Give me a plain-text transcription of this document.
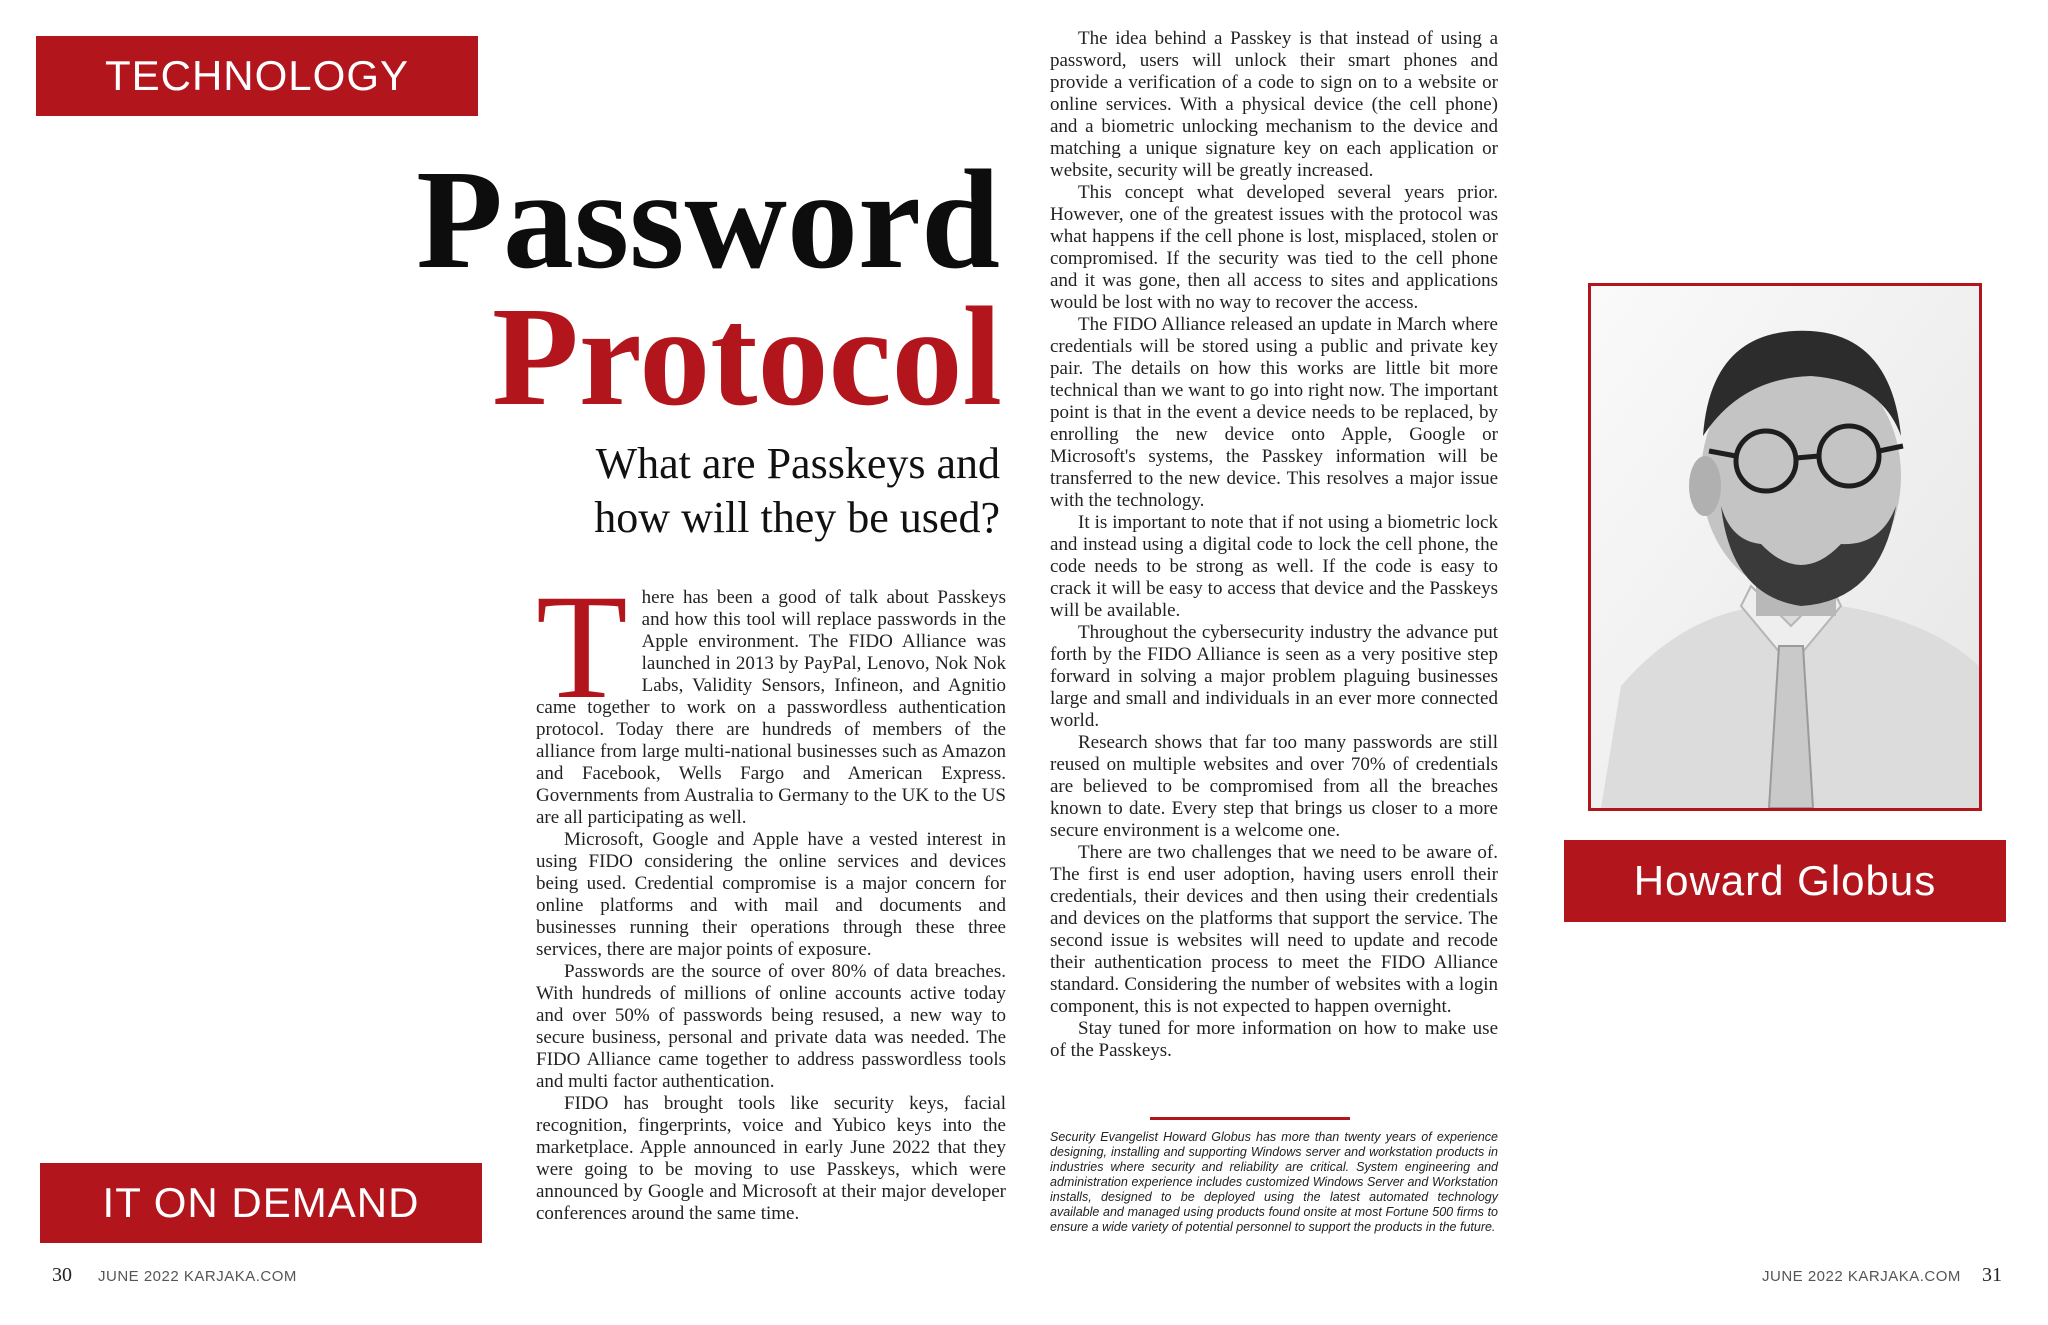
TECHNOLOGY
Password
Protocol
What are Passkeys and how will they be used?
T here has been a good of talk about Passkeys and how this tool will replace passwords in the Apple environment. The FIDO Alliance was launched in 2013 by PayPal, Lenovo, Nok Nok Labs, Validity Sensors, Infineon, and Agnitio came together to work on a passwordless authentication protocol. Today there are hundreds of members of the alliance from large multi-national businesses such as Amazon and Facebook, Wells Fargo and American Express. Governments from Australia to Germany to the UK to the US are all participating as well.

Microsoft, Google and Apple have a vested interest in using FIDO considering the online services and devices being used. Credential compromise is a major concern for online platforms and with mail and documents and businesses running their operations through these three services, there are major points of exposure.

Passwords are the source of over 80% of data breaches. With hundreds of millions of online accounts active today and over 50% of passwords being resused, a new way to secure business, personal and private data was needed. The FIDO Alliance came together to address passwordless tools and multi factor authentication.

FIDO has brought tools like security keys, facial recognition, fingerprints, voice and Yubico keys into the marketplace. Apple announced in early June 2022 that they were going to be moving to use Passkeys, which were announced by Google and Microsoft at their major developer conferences around the same time.

IT ON DEMAND

The idea behind a Passkey is that instead of using a password, users will unlock their smart phones and provide a verification of a code to sign on to a website or online services. With a physical device (the cell phone) and a biometric unlocking mechanism to the device and matching a unique signature key on each application or website, security will be greatly increased.

This concept what developed several years prior. However, one of the greatest issues with the protocol was what happens if the cell phone is lost, misplaced, stolen or compromised. If the security was tied to the cell phone and it was gone, then all access to sites and applications would be lost with no way to recover the access.

The FIDO Alliance released an update in March where credentials will be stored using a public and private key pair. The details on how this works are little bit more technical than we want to go into right now. The important point is that in the event a device needs to be replaced, by enrolling the new device onto Apple, Google or Microsoft's systems, the Passkey information will be transferred to the new device. This resolves a major issue with the technology.

It is important to note that if not using a biometric lock and instead using a digital code to lock the cell phone, the code needs to be strong as well. If the code is easy to crack it will be easy to access that device and the Passkeys will be available.

Throughout the cybersecurity industry the advance put forth by the FIDO Alliance is seen as a very positive step forward in solving a major problem plaguing businesses large and small and individuals in an ever more connected world.

Research shows that far too many passwords are still reused on multiple websites and over 70% of credentials are believed to be compromised from all the breaches known to date. Every step that brings us closer to a more secure environment is a welcome one.

There are two challenges that we need to be aware of. The first is end user adoption, having users enroll their credentials, their devices and then using their credentials and devices on the platforms that support the service. The second issue is websites will need to update and recode their authentication process to meet the FIDO Alliance standard. Considering the number of websites with a login component, this is not expected to happen overnight.

Stay tuned for more information on how to make use of the Passkeys.

Security Evangelist Howard Globus has more than twenty years of experience designing, installing and supporting Windows server and workstation products in industries where security and reliability are critical. System engineering and administration experience includes customized Windows Server and Workstation installs, designed to be deployed using the latest automated technology available and managed using products found onsite at most Fortune 500 firms to ensure a wide variety of potential personnel to support the products in the future.
Howard Globus
30 JUNE 2022 KARJAKA.COM	JUNE 2022 KARJAKA.COM 31
